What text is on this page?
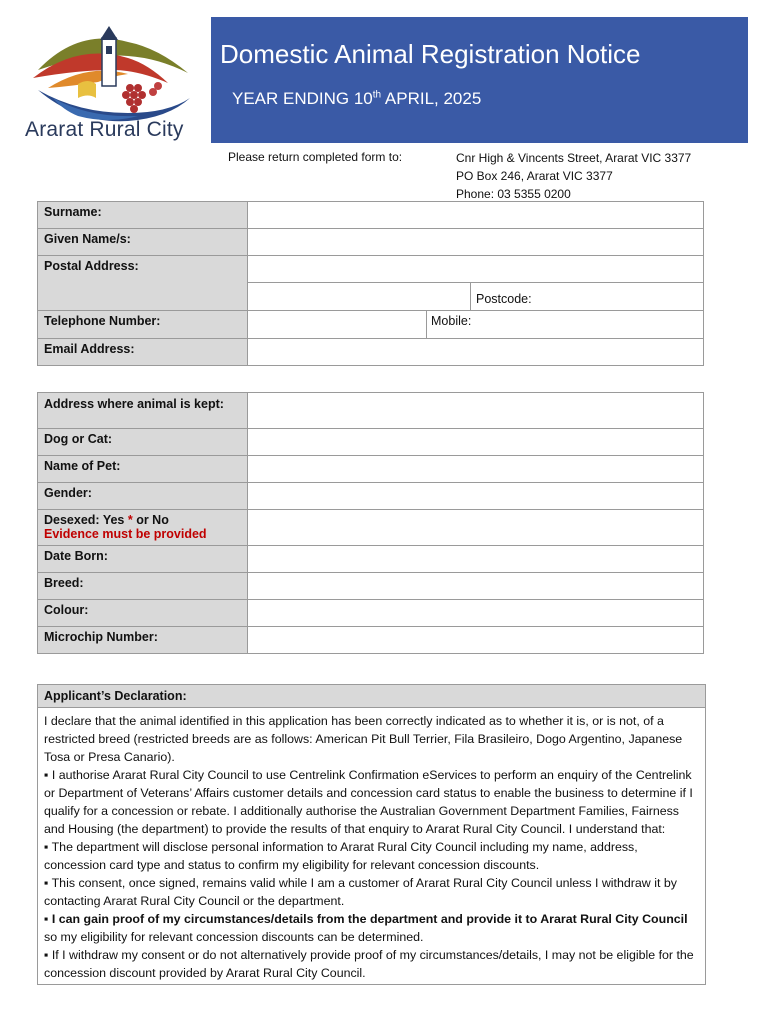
Ararat Rural City
Domestic Animal Registration Notice
YEAR ENDING 10th APRIL, 2025
Please return completed form to:	Cnr High & Vincents Street, Ararat VIC 3377
PO Box 246, Ararat VIC 3377
Phone: 03 5355 0200
Surname:	
Given Name/s:	
Postal Address:	

	Postcode:

Telephone Number:	Mobile:

Email Address:	
Address where animal is kept:	
Dog or Cat:	
Name of Pet:	
Gender:	
Desexed: Yes * or No
Evidence must be provided	
Date Born:	
Breed:	
Colour:	
Microchip Number:	
Applicant’s Declaration:

I declare that the animal identified in this application has been correctly indicated as to whether it is, or is not, of a restricted breed (restricted breeds are as follows: American Pit Bull Terrier, Fila Brasileiro, Dogo Argentino, Japanese Tosa or Presa Canario).

▪ I authorise Ararat Rural City Council to use Centrelink Confirmation eServices to perform an enquiry of the Centrelink or Department of Veterans’ Affairs customer details and concession card status to enable the business to determine if I qualify for a concession or rebate. I additionally authorise the Australian Government Department Families, Fairness and Housing (the department) to provide the results of that enquiry to Ararat Rural City Council. I understand that:

▪ The department will disclose personal information to Ararat Rural City Council including my name, address, concession card type and status to confirm my eligibility for relevant concession discounts.

▪ This consent, once signed, remains valid while I am a customer of Ararat Rural City Council unless I withdraw it by contacting Ararat Rural City Council or the department.

▪ I can gain proof of my circumstances/details from the department and provide it to Ararat Rural City Council so my eligibility for relevant concession discounts can be determined.

▪ If I withdraw my consent or do not alternatively provide proof of my circumstances/details, I may not be eligible for the concession discount provided by Ararat Rural City Council.
